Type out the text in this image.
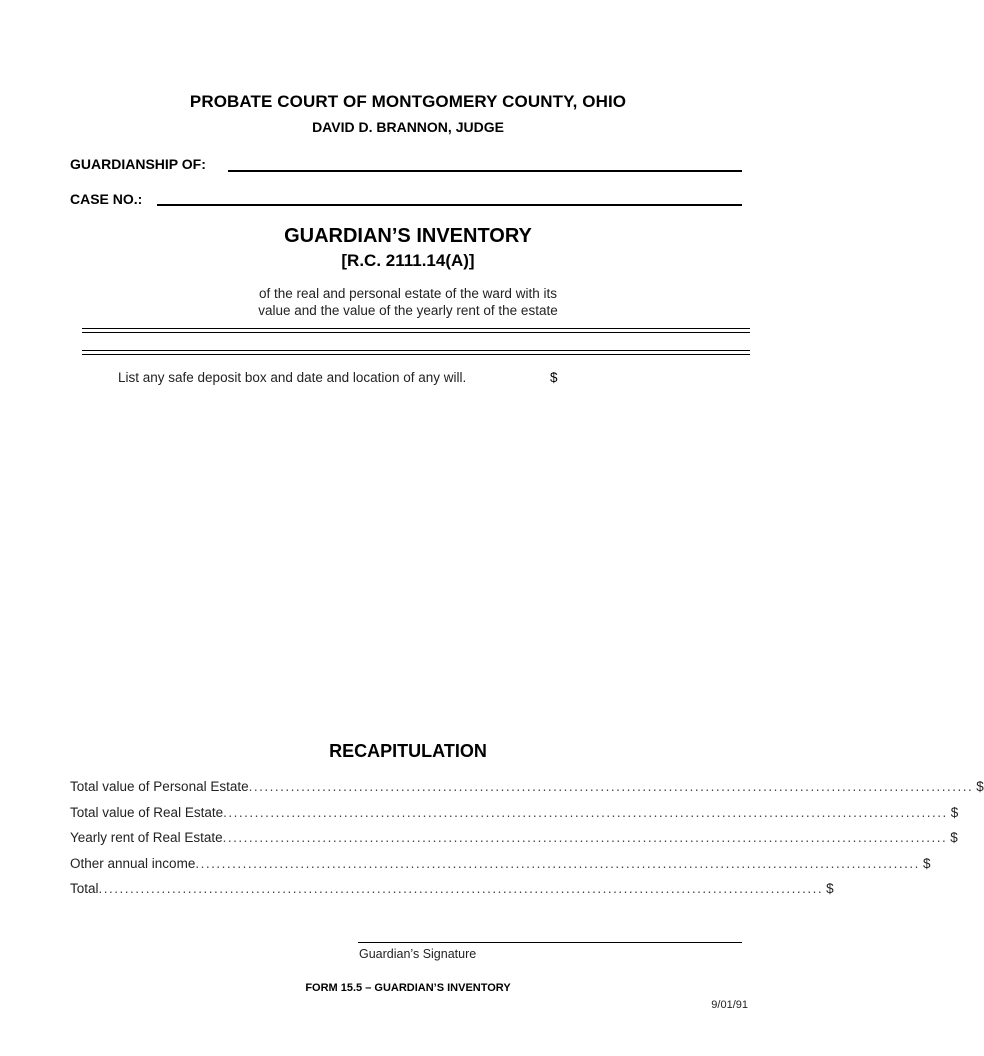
PROBATE COURT OF MONTGOMERY COUNTY, OHIO
DAVID D. BRANNON, JUDGE
GUARDIANSHIP OF:
CASE NO.:
GUARDIAN’S INVENTORY
[R.C. 2111.14(A)]
of the real and personal estate of the ward with its
value and the value of the yearly rent of the estate
List any safe deposit box and date and location of any will.	$
RECAPITULATION
Total value of Personal Estate .......................................................................................................................................... $
Total value of Real Estate .......................................................................................................................................... $
Yearly rent of Real Estate .......................................................................................................................................... $
Other annual income .......................................................................................................................................... $
Total .......................................................................................................................................... $
Guardian’s Signature
FORM 15.5 – GUARDIAN’S INVENTORY
9/01/91
